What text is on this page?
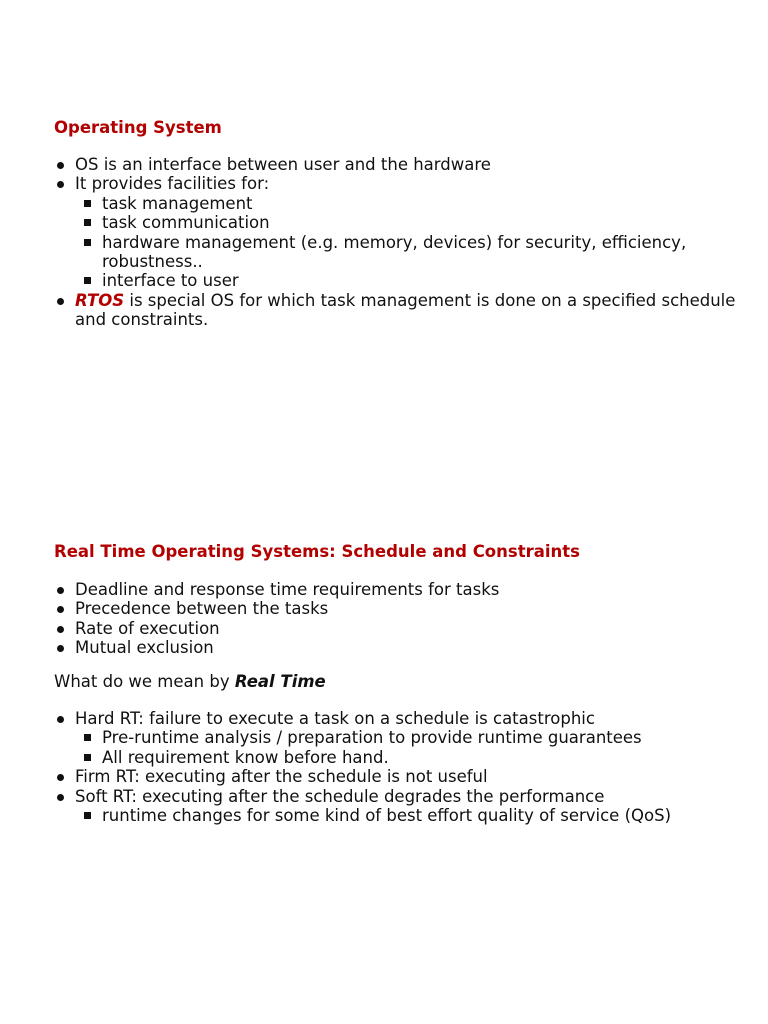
Operating System
OS is an interface between user and the hardware
It provides facilities for:
task management
task communication
hardware management (e.g. memory, devices) for security, efficiency, robustness..
interface to user
RTOS is special OS for which task management is done on a specified schedule and constraints.
Real Time Operating Systems: Schedule and Constraints
Deadline and response time requirements for tasks
Precedence between the tasks
Rate of execution
Mutual exclusion

What do we mean by Real Time

Hard RT: failure to execute a task on a schedule is catastrophic
Pre-runtime analysis / preparation to provide runtime guarantees
All requirement know before hand.
Firm RT: executing after the schedule is not useful
Soft RT: executing after the schedule degrades the performance
runtime changes for some kind of best effort quality of service (QoS)
